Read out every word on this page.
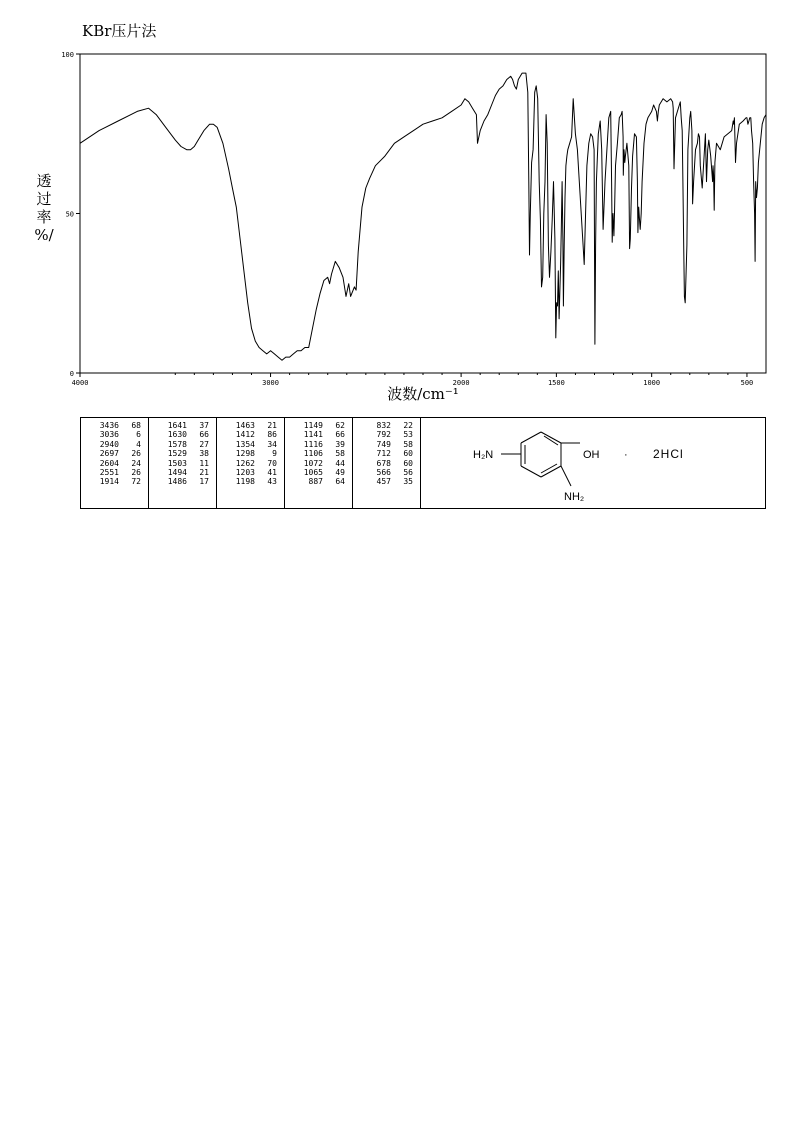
KBr压片法
透
过
率
%/
4000	3000	2000	1500	1000	500
0
50
100
波数/cm⁻¹
3436	68
3036	6
2940	4
2697	26
2604	24
2551	26
1914	72
1641	37
1630	66
1578	27
1529	38
1503	11
1494	21
1486	17
1463	21
1412	86
1354	34
1298	9
1262	70
1203	41
1198	43
1149	62
1141	66
1116	39
1106	58
1072	44
1065	49
887	64
832	22
792	53
749	58
712	60
678	60
566	56
457	35
H₂N	OH
NH₂
· 2HCl
